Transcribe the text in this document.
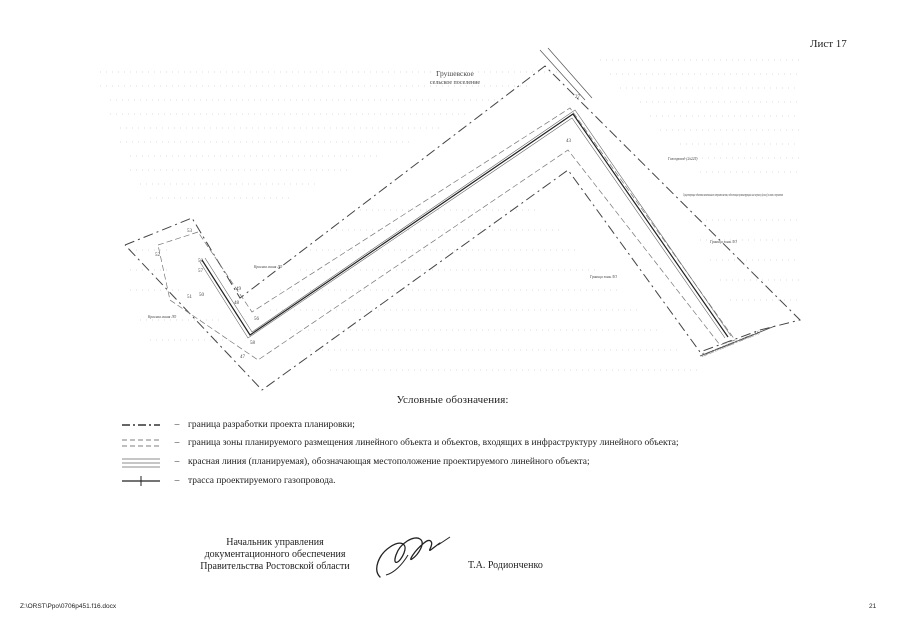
Лист 17
27
43
53
52
50
57
51 50
49
48
56
58
47
Грушевское
сельское поселение
Газопровод (2х225)
Красная линия ЛО
Красная линия ЛО
Граница зоны ЛО
Граница зоны ЛО
Существующие объекты капитального строительства, подлежащие реконструкции или переносу (сносу) в связи с проектом
Линия стыковки с листом 16
Условные обозначения:
– граница разработки проекта планировки;
– граница зоны планируемого размещения линейного объекта и объектов, входящих в инфраструктуру линейного объекта;
– красная линия (планируемая), обозначающая местоположение проектируемого линейного объекта;
– трасса проектируемого газопровода.
Начальник управления
документационного обеспечения
Правительства Ростовской области	Т.А. Родионченко
Z:\ORST\Ppo\0706p451.f16.docx	21
